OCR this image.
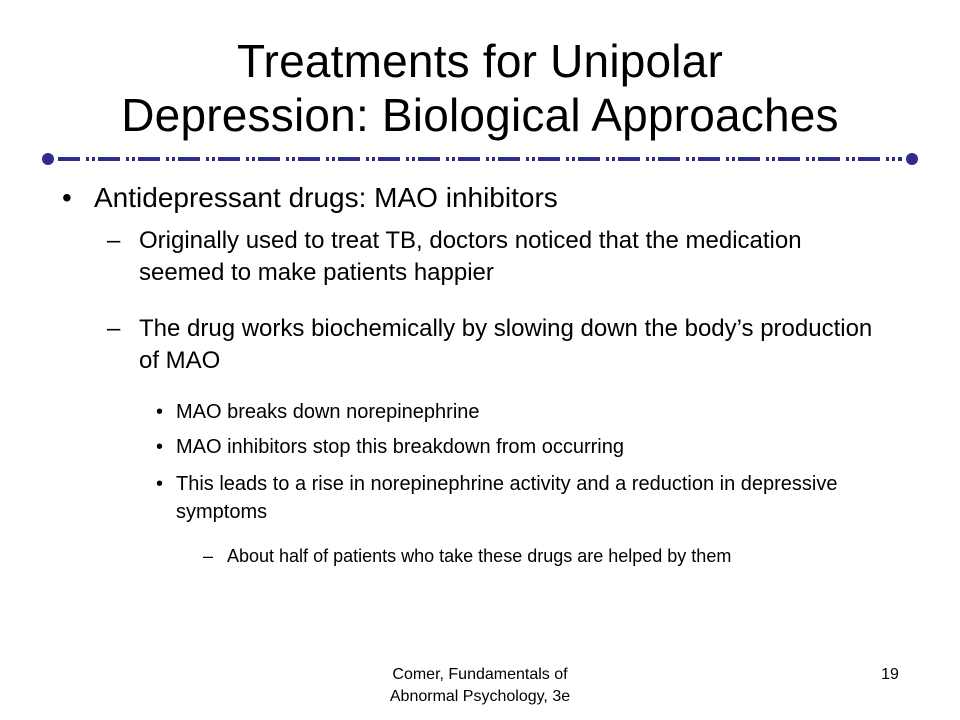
Treatments for Unipolar
Depression: Biological Approaches
• Antidepressant drugs: MAO inhibitors
– Originally used to treat TB, doctors noticed that the medication seemed to make patients happier
– The drug works biochemically by slowing down the body’s production of MAO
• MAO breaks down norepinephrine
• MAO inhibitors stop this breakdown from occurring
• This leads to a rise in norepinephrine activity and a reduction in depressive symptoms
– About half of patients who take these drugs are helped by them
Comer, Fundamentals of
Abnormal Psychology, 3e
19
